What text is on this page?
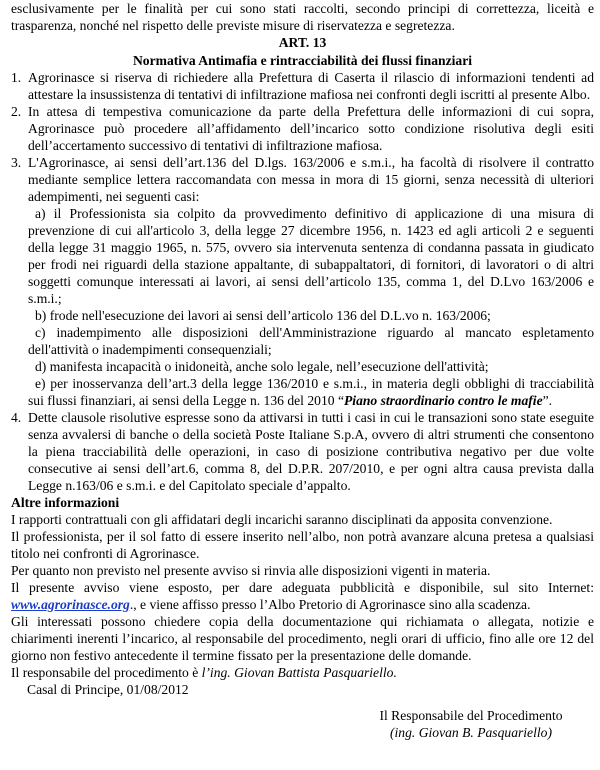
esclusivamente per le finalità per cui sono stati raccolti, secondo principi di correttezza, liceità e trasparenza, nonché nel rispetto delle previste misure di riservatezza e segretezza.

ART. 13

Normativa Antimafia e rintracciabilità dei flussi finanziari

1. Agrorinasce si riserva di richiedere alla Prefettura di Caserta il rilascio di informazioni tendenti ad attestare la insussistenza di tentativi di infiltrazione mafiosa nei confronti degli iscritti al presente Albo.

2. In attesa di tempestiva comunicazione da parte della Prefettura delle informazioni di cui sopra, Agrorinasce può procedere all’affidamento dell’incarico sotto condizione risolutiva degli esiti dell’accertamento successivo di tentativi di infiltrazione mafiosa.

3. L'Agrorinasce, ai sensi dell’art.136 del D.lgs. 163/2006 e s.m.i., ha facoltà di risolvere il contratto mediante semplice lettera raccomandata con messa in mora di 15 giorni, senza necessità di ulteriori adempimenti, nei seguenti casi:

a) il Professionista sia colpito da provvedimento definitivo di applicazione di una misura di prevenzione di cui all'articolo 3, della legge 27 dicembre 1956, n. 1423 ed agli articoli 2 e seguenti della legge 31 maggio 1965, n. 575, ovvero sia intervenuta sentenza di condanna passata in giudicato per frodi nei riguardi della stazione appaltante, di subappaltatori, di fornitori, di lavoratori o di altri soggetti comunque interessati ai lavori, ai sensi dell’articolo 135, comma 1, del D.Lvo 163/2006 e s.m.i.;

b) frode nell'esecuzione dei lavori ai sensi dell’articolo 136 del D.L.vo n. 163/2006;

c) inadempimento alle disposizioni dell'Amministrazione riguardo al mancato espletamento dell'attività o inadempimenti consequenziali;

d) manifesta incapacità o inidoneità, anche solo legale, nell’esecuzione dell'attività;

e) per inosservanza dell’art.3 della legge 136/2010 e s.m.i., in materia degli obblighi di tracciabilità sui flussi finanziari, ai sensi della Legge n. 136 del 2010 “Piano straordinario contro le mafie”.

4. Dette clausole risolutive espresse sono da attivarsi in tutti i casi in cui le transazioni sono state eseguite senza avvalersi di banche o della società Poste Italiane S.p.A, ovvero di altri strumenti che consentono la piena tracciabilità delle operazioni, in caso di posizione contributiva negativo per due volte consecutive ai sensi dell’art.6, comma 8, del D.P.R. 207/2010, e per ogni altra causa prevista dalla Legge n.163/06 e s.m.i. e del Capitolato speciale d’appalto.

Altre informazioni

I rapporti contrattuali con gli affidatari degli incarichi saranno disciplinati da apposita convenzione.

Il professionista, per il sol fatto di essere inserito nell’albo, non potrà avanzare alcuna pretesa a qualsiasi titolo nei confronti di Agrorinasce.

Per quanto non previsto nel presente avviso si rinvia alle disposizioni vigenti in materia.

Il presente avviso viene esposto, per dare adeguata pubblicità e disponibile, sul sito Internet: www.agrorinasce.org., e viene affisso presso l’Albo Pretorio di Agrorinasce sino alla scadenza.

Gli interessati possono chiedere copia della documentazione qui richiamata o allegata, notizie e chiarimenti inerenti l’incarico, al responsabile del procedimento, negli orari di ufficio, fino alle ore 12 del giorno non festivo antecedente il termine fissato per la presentazione delle domande.

Il responsabile del procedimento è l’ing. Giovan Battista Pasquariello.

Casal di Principe, 01/08/2012

Il Responsabile del Procedimento

(ing. Giovan B. Pasquariello)
